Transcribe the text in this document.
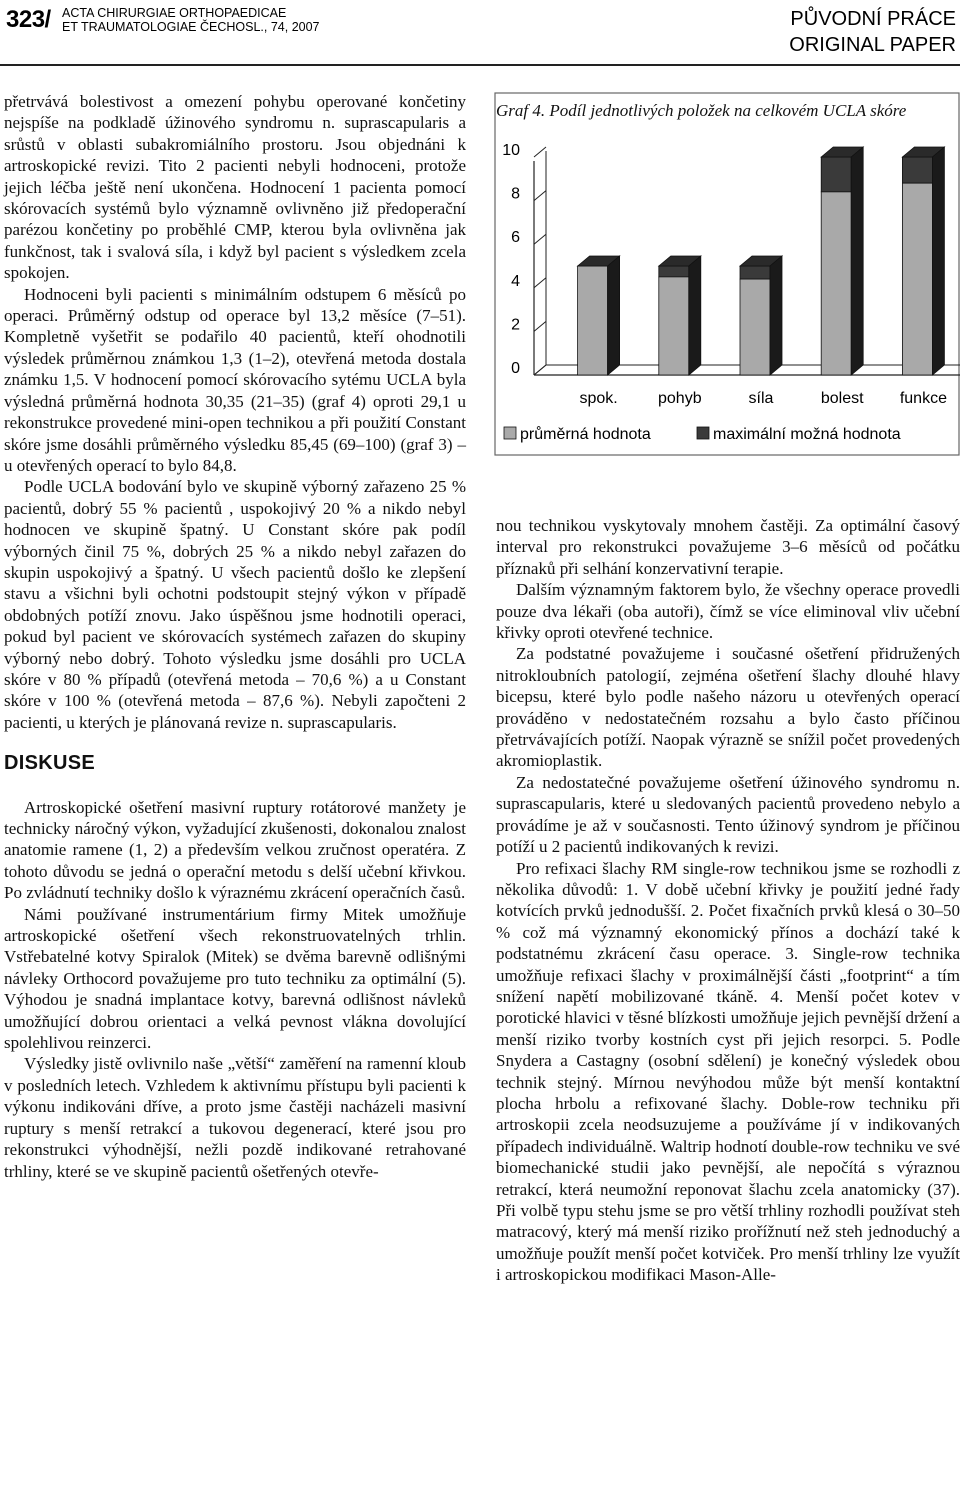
323/ ACTA CHIRURGIAE ORTHOPAEDICAE
ET TRAUMATOLOGIAE ČECHOSL., 74, 2007	PŮVODNÍ PRÁCE
ORIGINAL PAPER

přetrvává bolestivost a omezení pohybu operované končetiny nejspíše na podkladě úžinového syndromu n. suprascapularis a srůstů v oblasti subakromiálního prostoru. Jsou objednáni k artroskopické revizi. Tito 2 pacienti nebyli hodnoceni, protože jejich léčba ještě není ukončena. Hodnocení 1 pacienta pomocí skórovacích systémů bylo významně ovlivněno již předoperační parézou končetiny po proběhlé CMP, kterou byla ovlivněna jak funkčnost, tak i svalová síla, i když byl pacient s výsledkem zcela spokojen.

Hodnoceni byli pacienti s minimálním odstupem 6 měsíců po operaci. Průměrný odstup od operace byl 13,2 měsíce (7–51). Kompletně vyšetřit se podařilo 40 pacientů, kteří ohodnotili výsledek průměrnou známkou 1,3 (1–2), otevřená metoda dostala známku 1,5. V hodnocení pomocí skórovacího sytému UCLA byla výsledná průměrná hodnota 30,35 (21–35) (graf 4) oproti 29,1 u rekonstrukce provedené mini-open technikou a při použití Constant skóre jsme dosáhli průměrného výsledku 85,45 (69–100) (graf 3) – u otevřených operací to bylo 84,8.

Podle UCLA bodování bylo ve skupině výborný zařazeno 25 % pacientů, dobrý 55 % pacientů , uspokojivý 20 % a nikdo nebyl hodnocen ve skupině špatný. U Constant skóre pak podíl výborných činil 75 %, dobrých 25 % a nikdo nebyl zařazen do skupin uspokojivý a špatný. U všech pacientů došlo ke zlepšení stavu a všichni byli ochotni podstoupit stejný výkon v případě obdobných potíží znovu. Jako úspěšnou jsme hodnotili operaci, pokud byl pacient ve skórovacích systémech zařazen do skupiny výborný nebo dobrý. Tohoto výsledku jsme dosáhli pro UCLA skóre v 80 % případů (otevřená metoda – 70,6 %) a u Constant skóre v 100 % (otevřená metoda – 87,6 %). Nebyli započteni 2 pacienti, u kterých je plánovaná revize n. suprascapularis.

DISKUSE

Artroskopické ošetření masivní ruptury rotátorové manžety je technicky náročný výkon, vyžadující zkušenosti, dokonalou znalost anatomie ramene (1, 2) a především velkou zručnost operatéra. Z tohoto důvodu se jedná o operační metodu s delší učební křivkou. Po zvládnutí techniky došlo k výraznému zkrácení operačních časů.

Námi používané instrumentárium firmy Mitek umožňuje artroskopické ošetření všech rekonstruovatelných trhlin. Vstřebatelné kotvy Spiralok (Mitek) se dvěma barevně odlišnými návleky Orthocord považujeme pro tuto techniku za optimální (5). Výhodou je snadná implantace kotvy, barevná odlišnost návleků umožňující dobrou orientaci a velká pevnost vlákna dovolující spolehlivou reinzerci.

Výsledky jistě ovlivnilo naše „větší“ zaměření na ramenní kloub v posledních letech. Vzhledem k aktivnímu přístupu byli pacienti k výkonu indikováni dříve, a proto jsme častěji nacházeli masivní ruptury s menší retrakcí a tukovou degenerací, které jsou pro rekonstrukci výhodnější, nežli pozdě indikované retrahované trhliny, které se ve skupině pacientů ošetřených otevře-

Graf 4. Podíl jednotlivých položek na celkovém UCLA skóre
0
2
4
6
8
10
spok.	pohyb	síla	bolest funkce
průměrná hodnota	maximální možná hodnota

nou technikou vyskytovaly mnohem častěji. Za optimální časový interval pro rekonstrukci považujeme 3–6 měsíců od počátku příznaků při selhání konzervativní terapie.

Dalším významným faktorem bylo, že všechny operace provedli pouze dva lékaři (oba autoři), čímž se více eliminoval vliv učební křivky oproti otevřené technice.

Za podstatné považujeme i současné ošetření přidružených nitrokloubních patologií, zejména ošetření šlachy dlouhé hlavy bicepsu, které bylo podle našeho názoru u otevřených operací prováděno v nedostatečném rozsahu a bylo často příčinou přetrvávajících potíží. Naopak výrazně se snížil počet provedených akromioplastik.

Za nedostatečné považujeme ošetření úžinového syndromu n. suprascapularis, které u sledovaných pacientů provedeno nebylo a provádíme je až v současnosti. Tento úžinový syndrom je příčinou potíží u 2 pacientů indikovaných k revizi.

Pro refixaci šlachy RM single-row technikou jsme se rozhodli z několika důvodů: 1. V době učební křivky je použití jedné řady kotvících prvků jednodušší. 2. Počet fixačních prvků klesá o 30–50 % což má významný ekonomický přínos a dochází také k podstatnému zkrácení času operace. 3. Single-row technika umožňuje refixaci šlachy v proximálnější části „footprint“ a tím snížení napětí mobilizované tkáně. 4. Menší počet kotev v porotické hlavici v těsné blízkosti umožňuje jejich pevnější držení a menší riziko tvorby kostních cyst při jejich resorpci. 5. Podle Snydera a Castagny (osobní sdělení) je konečný výsledek obou technik stejný. Mírnou nevýhodou může být menší kontaktní plocha hrbolu a refixované šlachy. Doble-row techniku při artroskopii zcela neodsuzujeme a používáme jí v indikovaných případech individuálně. Waltrip hodnotí double-row techniku ve své biomechanické studii jako pevnější, ale nepočítá s výraznou retrakcí, která neumožní reponovat šlachu zcela anatomicky (37). Při volbě typu stehu jsme se pro větší trhliny rozhodli používat steh matracový, který má menší riziko prořížnutí než steh jednoduchý a umožňuje použít menší počet kotviček. Pro menší trhliny lze využít i artroskopickou modifikaci Mason-Alle-
